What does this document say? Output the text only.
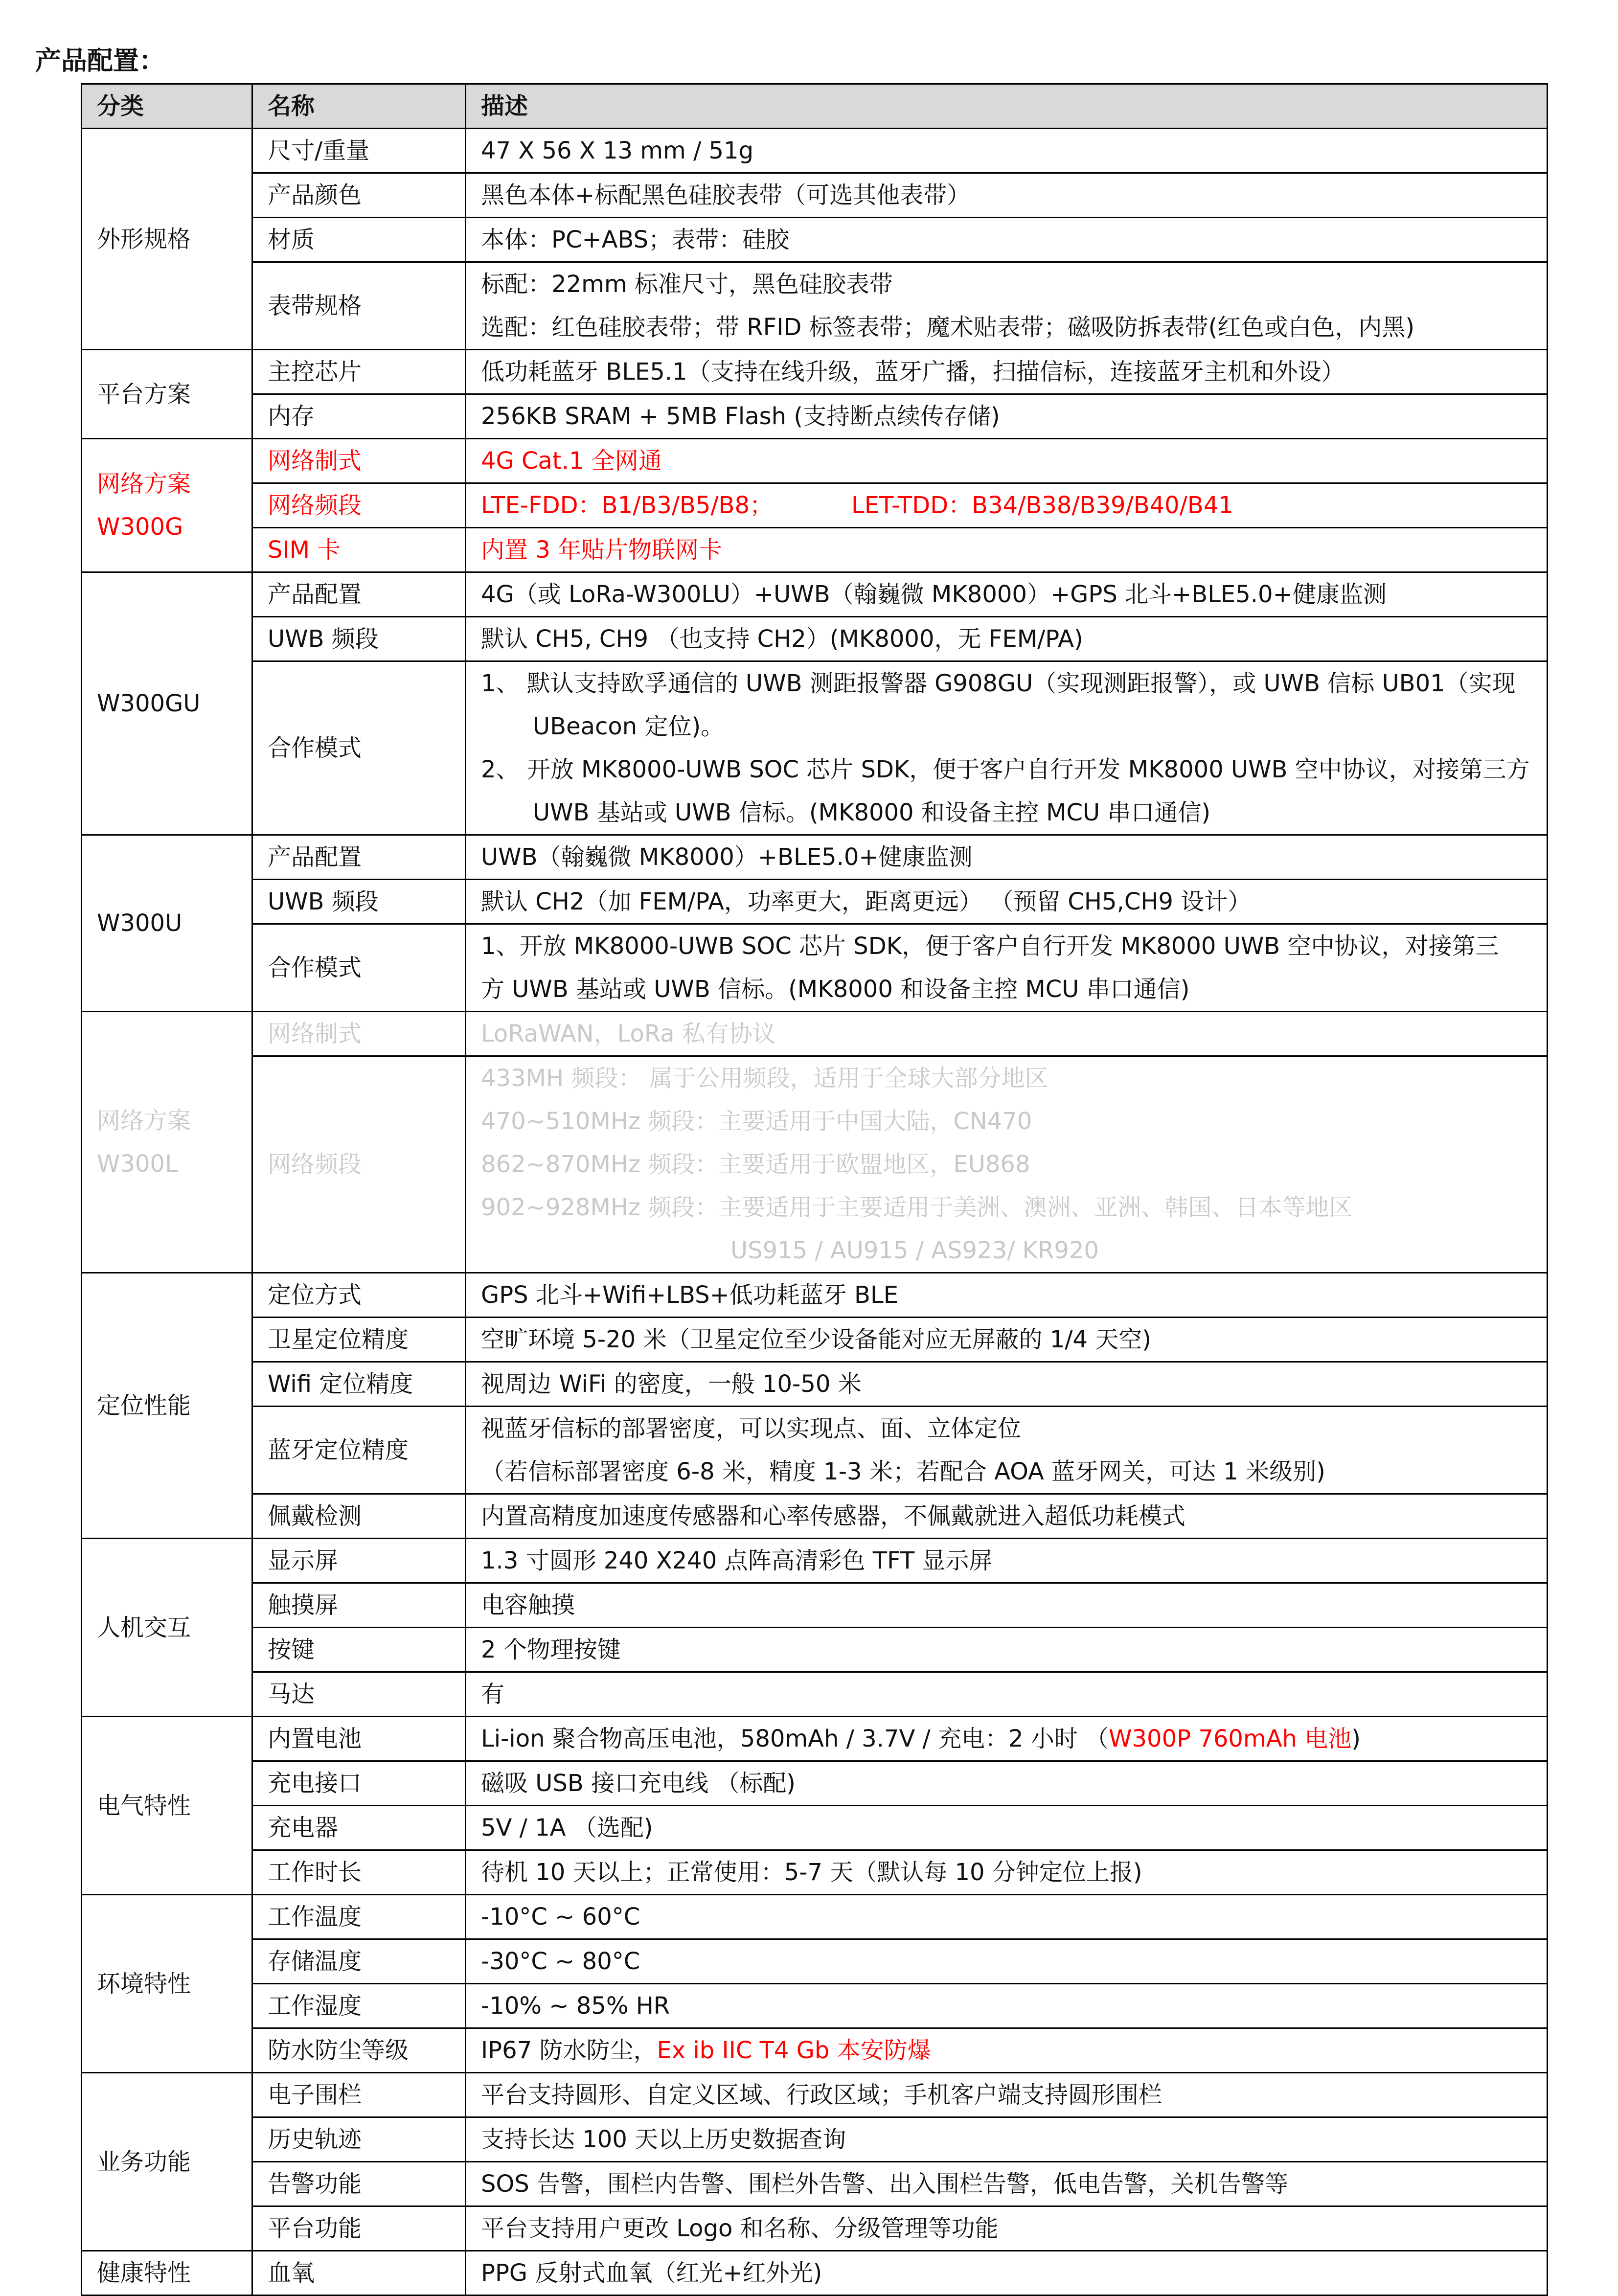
产品配置：
分类	名称	描述
外形规格	尺寸/重量	47 X 56 X 13 mm / 51g
	产品颜色	黑色本体+标配黑色硅胶表带（可选其他表带）
	材质	本体：PC+ABS；表带：硅胶
	表带规格	标配：22mm 标准尺寸，黑色硅胶表带
选配：红色硅胶表带；带 RFID 标签表带；魔术贴表带；磁吸防拆表带(红色或白色，内黑)

平台方案	主控芯片	低功耗蓝牙 BLE5.1（支持在线升级，蓝牙广播，扫描信标，连接蓝牙主机和外设）
	内存	256KB SRAM + 5MB Flash (支持断点续传存储)

网络方案
W300G	网络制式	4G Cat.1 全网通
	网络频段	LTE-FDD：B1/B3/B5/B8； LET-TDD：B34/B38/B39/B40/B41
	SIM 卡	内置 3 年贴片物联网卡
W300GU	产品配置	4G（或 LoRa-W300LU）+UWB（翰巍微 MK8000）+GPS 北斗+BLE5.0+健康监测
	UWB 频段	默认 CH5, CH9 （也支持 CH2）(MK8000，无 FEM/PA)
	合作模式	1、 默认支持欧孚通信的 UWB 测距报警器 G908GU（实现测距报警），或 UWB 信标 UB01（实现 UBeacon 定位)。
2、 开放 MK8000-UWB SOC 芯片 SDK，便于客户自行开发 MK8000 UWB 空中协议，对接第三方 UWB 基站或 UWB 信标。(MK8000 和设备主控 MCU 串口通信)

W300U	产品配置	UWB（翰巍微 MK8000）+BLE5.0+健康监测
	UWB 频段	默认 CH2（加 FEM/PA，功率更大，距离更远） （预留 CH5,CH9 设计）
	合作模式	1、开放 MK8000-UWB SOC 芯片 SDK，便于客户自行开发 MK8000 UWB 空中协议，对接第三
方 UWB 基站或 UWB 信标。(MK8000 和设备主控 MCU 串口通信)

网络方案
W300L	网络制式	LoRaWAN，LoRa 私有协议
	网络频段	433MH 频段： 属于公用频段，适用于全球大部分地区
470~510MHz 频段：主要适用于中国大陆，CN470
862~870MHz 频段：主要适用于欧盟地区，EU868
902~928MHz 频段：主要适用于主要适用于美洲、澳洲、亚洲、韩国、日本等地区
US915 / AU915 / AS923/ KR920

定位性能	定位方式	GPS 北斗+Wifi+LBS+低功耗蓝牙 BLE
	卫星定位精度	空旷环境 5-20 米（卫星定位至少设备能对应无屏蔽的 1/4 天空)
	Wifi 定位精度	视周边 WiFi 的密度，一般 10-50 米
	蓝牙定位精度	视蓝牙信标的部署密度，可以实现点、面、立体定位
（若信标部署密度 6-8 米，精度 1-3 米；若配合 AOA 蓝牙网关，可达 1 米级别)

	佩戴检测	内置高精度加速度传感器和心率传感器，不佩戴就进入超低功耗模式
人机交互	显示屏	1.3 寸圆形 240 X240 点阵高清彩色 TFT 显示屏
	触摸屏	电容触摸
	按键	2 个物理按键
	马达	有
电气特性	内置电池	Li-ion 聚合物高压电池，580mAh / 3.7V / 充电：2 小时 （W300P 760mAh 电池)
	充电接口	磁吸 USB 接口充电线 （标配)
	充电器	5V / 1A （选配)
	工作时长	待机 10 天以上；正常使用：5-7 天（默认每 10 分钟定位上报)
环境特性	工作温度	-10°C ~ 60°C
	存储温度	-30°C ~ 80°C
	工作湿度	-10% ~ 85% HR
	防水防尘等级	IP67 防水防尘，Ex ib IIC T4 Gb 本安防爆
业务功能	电子围栏	平台支持圆形、自定义区域、行政区域；手机客户端支持圆形围栏
	历史轨迹	支持长达 100 天以上历史数据查询
	告警功能	SOS 告警，围栏内告警、围栏外告警、出入围栏告警，低电告警，关机告警等
	平台功能	平台支持用户更改 Logo 和名称、分级管理等功能
健康特性	血氧	PPG 反射式血氧（红光+红外光)
